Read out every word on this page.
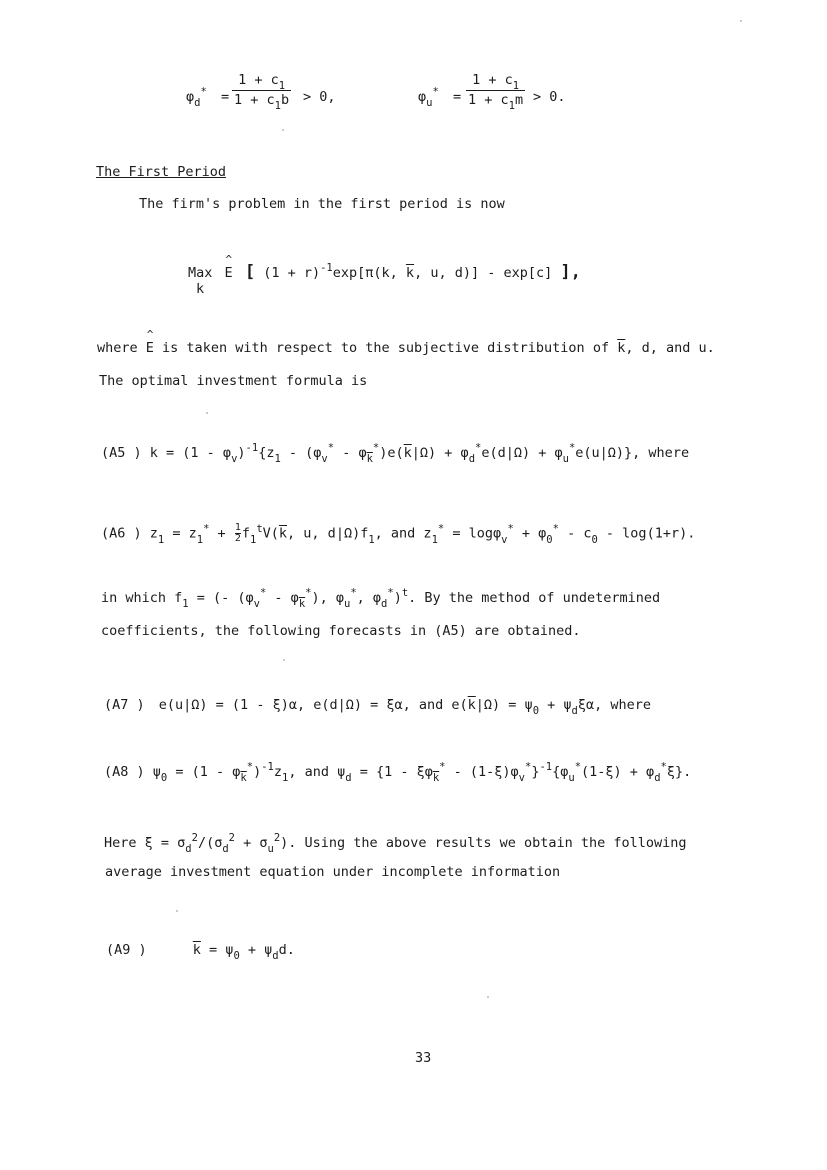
$\varphi_d^*$ =
$1 + c_1$
$1 + c_1b > 0$,	$\varphi_u^*$ =
$1 + c_1$
$1 + c_1m > 0$.
The First Period
The firm's problem in the first period is now
Max ^ E [ $(1 + r)^{-1}\exp[\pi(k$, $\overline{k}$, u, d)] - exp[c] ],
k
where ^ E is taken with respect to the subjective distribution of $\overline{k}$, d, and u.
The optimal investment formula is
(A5 ) $k = (1 - \varphi_v)^{-1}\{z_1 - (\varphi_v^* - \varphi_{\overline{k}}^*)e(\overline{k}|\Omega) + \varphi_d^*e(d|\Omega) + \varphi_u^*e(u|\Omega)\}$, where
(A6 ) $z_1 = z_1^* + \frac{1}{2} f_1^tV(\overline{k}$, u, $d|\Omega)f_1$, and $z_1^* = \log\varphi_v^* + \varphi_0^* - c_0 - \log(1+r)$.
in which $f_1$ = (- $(\varphi_v^* - \varphi_{\overline{k}}^*)$, $\varphi_u^*$, $\varphi_d^*)^t$. By the method of undetermined
coefficients, the following forecasts in (A5) are obtained.
(A7 ) e(u|Ω) = (1 - ξ)α, e(d|Ω) = ξα, and $e(\overline{k}|\Omega) = \psi_0 + \psi_d\xi\alpha$, where
(A8 ) $\psi_0 = (1 - \varphi_{\overline{k}}^*)^{-1}z_1$, and $\psi_d = \{1 - \xi\varphi_{\overline{k}}^* - (1-\xi)\varphi_v^*\}^{-1}\{\varphi_u^*(1-\xi) + \varphi_d^*\xi\}$.
Here $\xi = \sigma_d^2/(\sigma_d^2 + \sigma_u^2)$. Using the above results we obtain the following
average investment equation under incomplete information
(A9 )	$\overline{k} = \psi_0 + \psi_dd$.
33
